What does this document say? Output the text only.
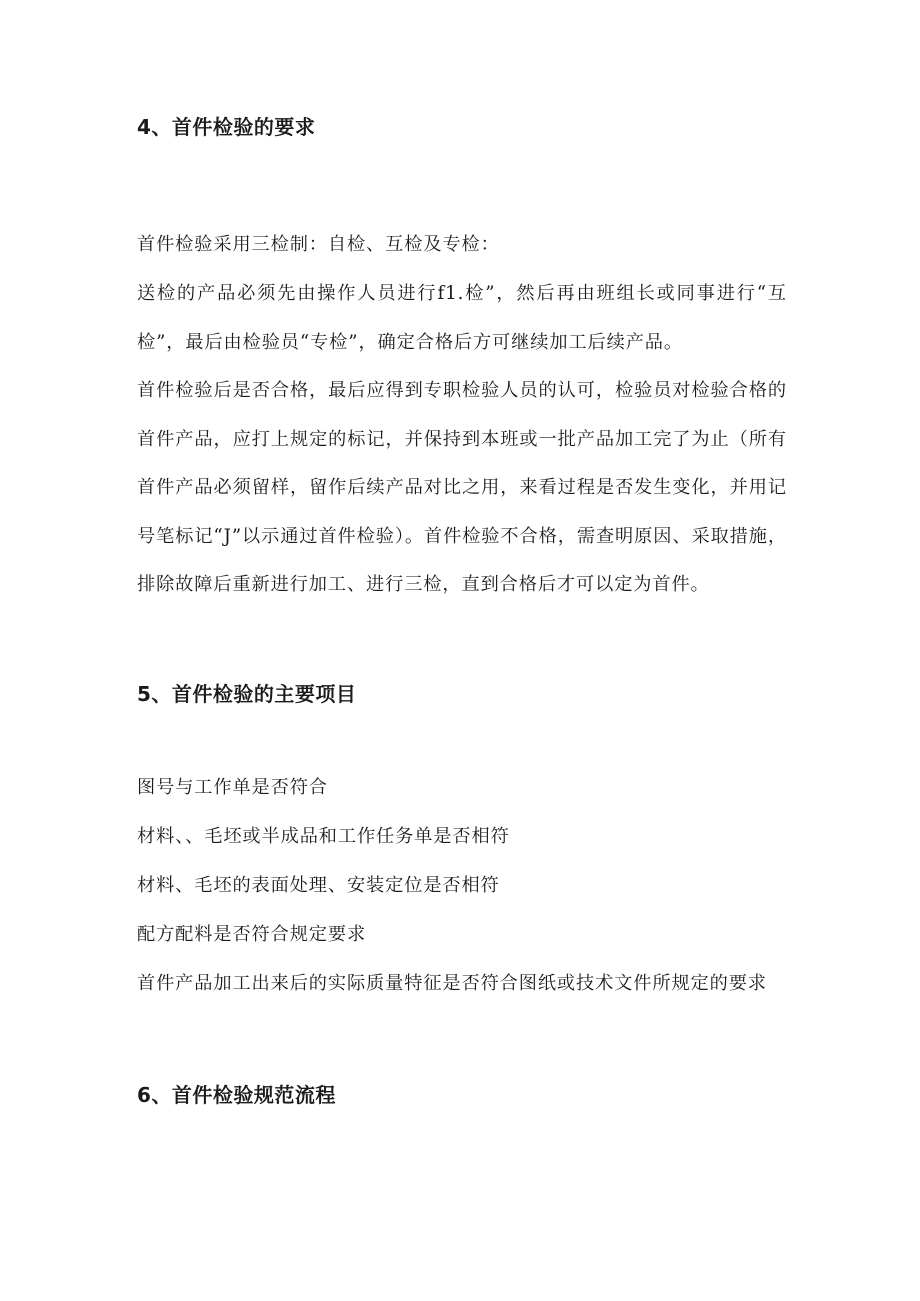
4、首件检验的要求

首件检验采用三检制：自检、互检及专检：

送检的产品必须先由操作人员进行f1.检”，然后再由班组长或同事进行“互检”，最后由检验员“专检”，确定合格后方可继续加工后续产品。

首件检验后是否合格，最后应得到专职检验人员的认可，检验员对检验合格的首件产品，应打上规定的标记，并保持到本班或一批产品加工完了为止（所有首件产品必须留样，留作后续产品对比之用，来看过程是否发生变化，并用记号笔标记“J”以示通过首件检验）。首件检验不合格，需查明原因、采取措施，排除故障后重新进行加工、进行三检，直到合格后才可以定为首件。

5、首件检验的主要项目

图号与工作单是否符合

材料、、毛坯或半成品和工作任务单是否相符

材料、毛坯的表面处理、安装定位是否相符

配方配料是否符合规定要求

首件产品加工出来后的实际质量特征是否符合图纸或技术文件所规定的要求

6、首件检验规范流程
